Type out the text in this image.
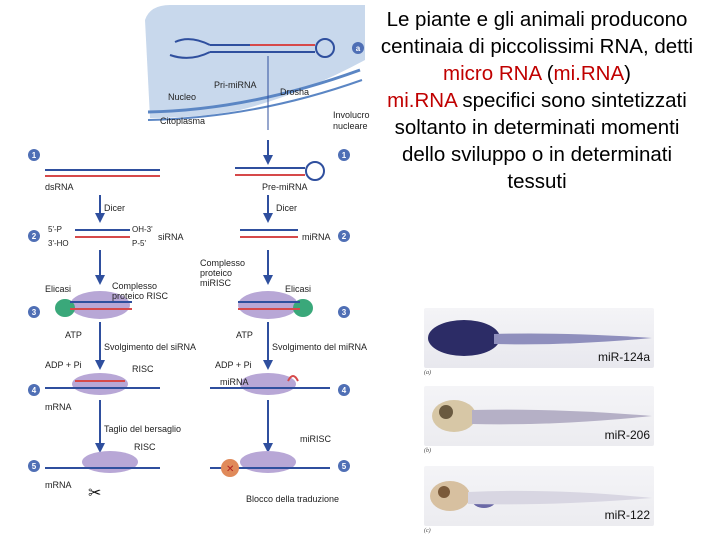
a
Pri-miRNA
Nucleo	Drosha
Citoplasma
Involucro
nucleare
1
2
3
4
5
1
2
3
4
5
dsRNA	Pre-miRNA
Dicer	Dicer
5'-P	OH-3'
3'-HO	P-5'
siRNA	miRNA
Elicasi	Complesso
proteico RISC
Elicasi
Complesso
proteico
miRISC
ATP	ATP
Svolgimento del siRNA	Svolgimento del miRNA
ADP + Pi	ADP + Pi
RISC
mRNA
miRNA
Taglio del bersaglio
RISC
mRNA ✂
✕
miRISC
Blocco della traduzione
Le piante e gli animali producono centinaia di piccolissimi RNA, detti micro RNA (mi.RNA)
mi.RNA specifici sono sintetizzati soltanto in determinati momenti dello sviluppo o in determinati tessuti
miR-124a
(a)
miR-206
(b)
miR-122
(c)
